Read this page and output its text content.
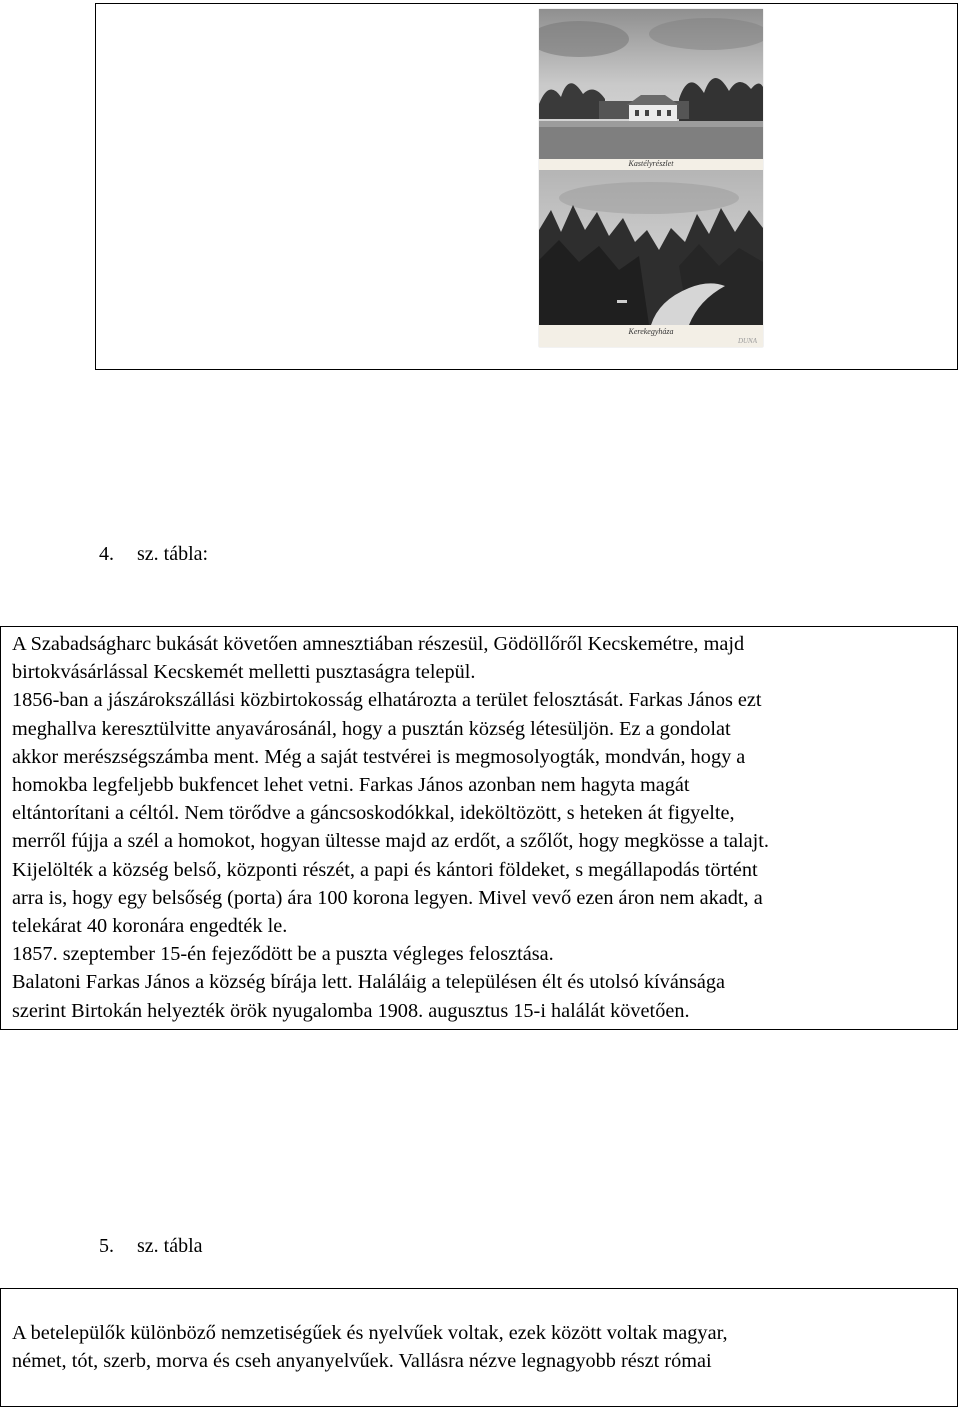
Kastélyrészlet
Kerekegyháza
DUNA
4. sz. tábla:
A Szabadságharc bukását követően amnesztiában részesül, Gödöllőről Kecskemétre, majd
birtokvásárlással Kecskemét melletti pusztaságra települ.
1856-ban a jászárokszállási közbirtokosság elhatározta a terület felosztását. Farkas János ezt
meghallva keresztülvitte anyavárosánál, hogy a pusztán község létesüljön. Ez a gondolat
akkor merészségszámba ment. Még a saját testvérei is megmosolyogták, mondván, hogy a
homokba legfeljebb bukfencet lehet vetni. Farkas János azonban nem hagyta magát
eltántorítani a céltól. Nem törődve a gáncsoskodókkal, ideköltözött, s heteken át figyelte,
merről fújja a szél a homokot, hogyan ültesse majd az erdőt, a szőlőt, hogy megkösse a talajt.
Kijelölték a község belső, központi részét, a papi és kántori földeket, s megállapodás történt
arra is, hogy egy belsőség (porta) ára 100 korona legyen. Mivel vevő ezen áron nem akadt, a
telekárat 40 koronára engedték le.
1857. szeptember 15-én fejeződött be a puszta végleges felosztása.
Balatoni Farkas János a község bírája lett. Haláláig a településen élt és utolsó kívánsága
szerint Birtokán helyezték örök nyugalomba 1908. augusztus 15-i halálát követően.
5. sz. tábla
A betelepülők különböző nemzetiségűek és nyelvűek voltak, ezek között voltak magyar,
német, tót, szerb, morva és cseh anyanyelvűek. Vallásra nézve legnagyobb részt római
